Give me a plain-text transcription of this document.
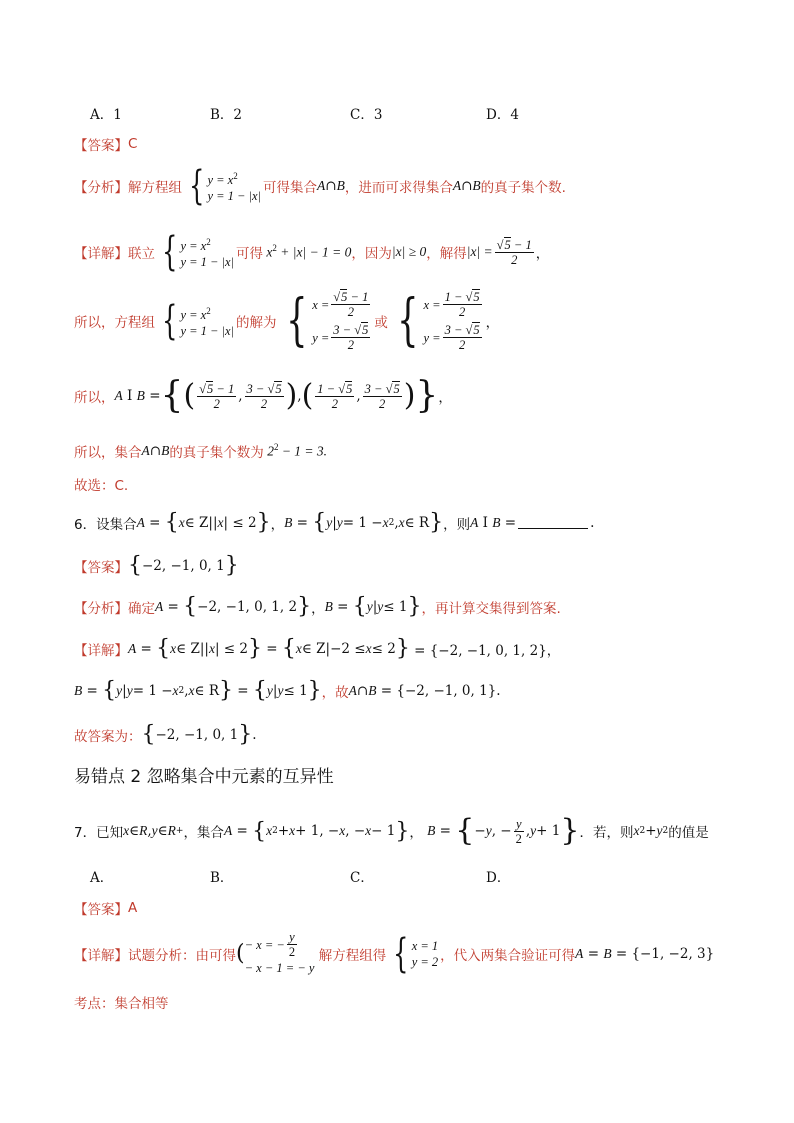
A．1	B．2	C．3	D．4
【答案】 C
【分析】 解方程组 { $y = x^2$
y = 1 − |x|
可得集合 A ∩ B ，进而可求得集合 A ∩ B 的真子集个数.
【详解】 联立 { $y = x^2$
y = 1 − |x|
可得 $x^2 + |x| - 1 = 0$ ，因为 |x| ≥ 0 ，解得 $|x| = \frac{√5 - 1}{2}$ ，
所以，方程组 { $y = x^2$
y = 1 − |x|
的解为 { $x = \frac{√5 - 1}{2}$
$y = \frac{3 - √5}{2}$ 或 { $x = \frac{1 - √5}{2}$
$y = \frac{3 - √5}{2}$ ，
所以， A I B = { ( $\frac{√5 - 1}{2}$ , $\frac{3 - √5}{2}$ ) , ( $\frac{1 - √5}{2}$ , $\frac{3 - √5}{2}$ ) } ，
所以，集合 A ∩ B 的真子集个数为 $2^2 - 1 = 3$.
故选：C.
6．设集合 A = { x ∈ Z || x | ≤ 2 } ， B = { y | y = 1 − x 2 , x ∈ R } ，则 A I B =	.
【答案】 { −2, −1, 0, 1 }
【分析】 确定 A = { −2, −1, 0, 1, 2 } ， B = { y | y ≤ 1 } ，再计算交集得到答案.
【详解】 A = { x ∈ Z || x | ≤ 2 } = { x ∈ Z|−2 ≤ x ≤ 2 } = {−2, −1, 0, 1, 2}，
B = { y | y = 1 − x 2 , x ∈ R } = { y | y ≤ 1 } ，故 A ∩ B = {−2, −1, 0, 1}.
故答案为： { −2, −1, 0, 1 } .
易错点 2 忽略集合中元素的互异性
7．已知 x ∈ R , y ∈ R + ，集合 A = { x 2 + x + 1, − x , − x − 1 } ， B = { − y , − $\frac{y}{2}$ , y + 1 } ．若，则 x 2 + y 2 的值是
A．	B．	C．	D．
【答案】 A
【详解】 试题分析：由可得 ( − x = − $\frac{y}{2}$
− x − 1 = − y

解方程组得 { x = 1
y = 2 ，代入两集合验证可得 A = B = {−1, −2, 3}
考点：集合相等
